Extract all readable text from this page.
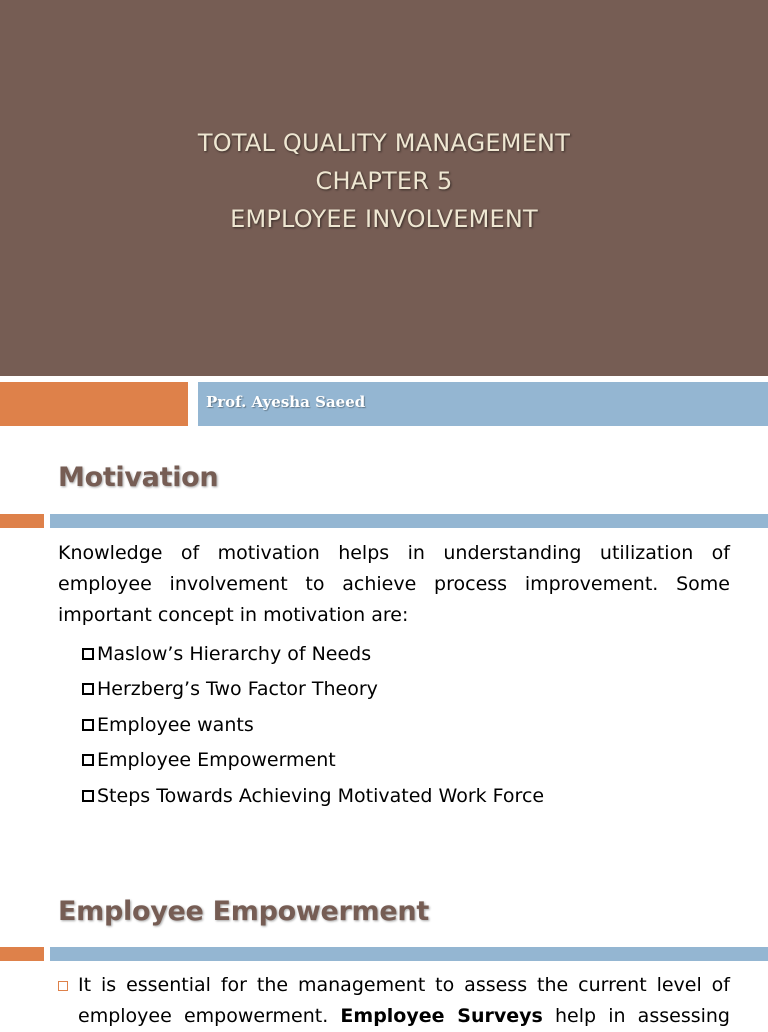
TOTAL QUALITY MANAGEMENT
CHAPTER 5
EMPLOYEE INVOLVEMENT
Prof. Ayesha Saeed
Motivation
Knowledge of motivation helps in understanding utilization of employee involvement to achieve process improvement. Some important concept in motivation are:
Maslow’s Hierarchy of Needs
Herzberg’s Two Factor Theory
Employee wants
Employee Empowerment
Steps Towards Achieving Motivated Work Force
Employee Empowerment
It is essential for the management to assess the current level of employee empowerment. Employee Surveys help in assessing
